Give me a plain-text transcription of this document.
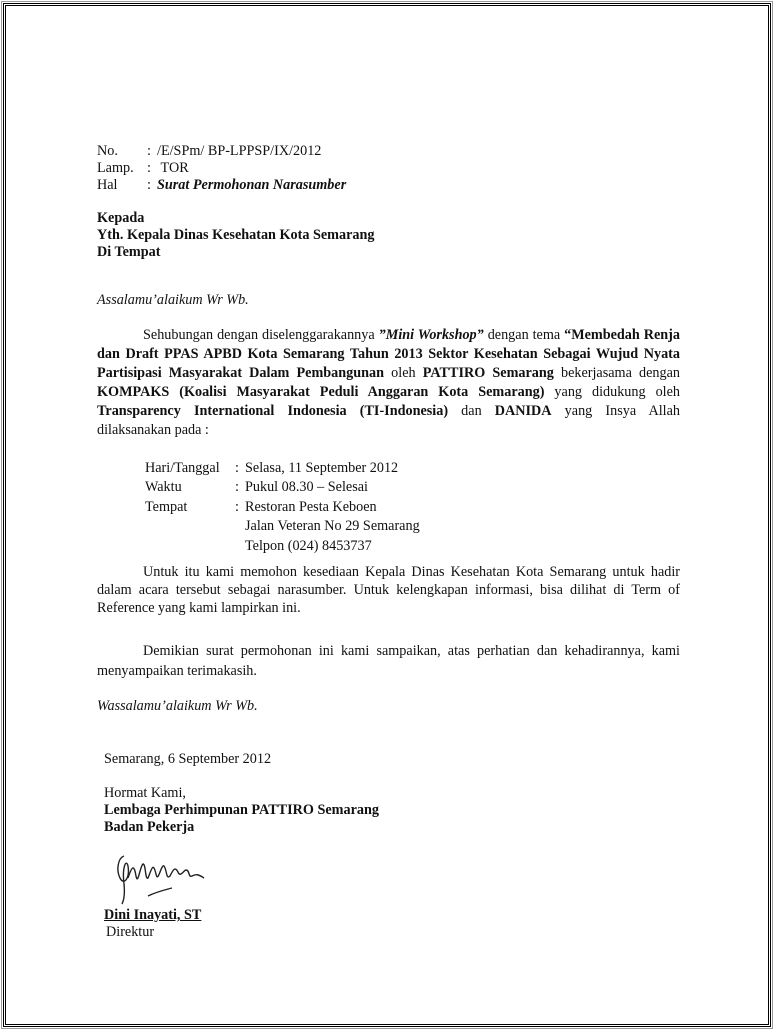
No. : /E/SPm/ BP-LPPSP/IX/2012
Lamp. : TOR
Hal : Surat Permohonan Narasumber
Kepada
Yth. Kepala Dinas Kesehatan Kota Semarang
Di Tempat
Assalamu’alaikum Wr Wb.
Sehubungan dengan diselenggarakannya ”Mini Workshop” dengan tema “Membedah Renja dan Draft PPAS APBD Kota Semarang Tahun 2013 Sektor Kesehatan Sebagai Wujud Nyata Partisipasi Masyarakat Dalam Pembangunan oleh PATTIRO Semarang bekerjasama dengan KOMPAKS (Koalisi Masyarakat Peduli Anggaran Kota Semarang) yang didukung oleh Transparency International Indonesia (TI-Indonesia) dan DANIDA yang Insya Allah dilaksanakan pada :
Hari/Tanggal : Selasa, 11 September 2012
Waktu	: Pukul 08.30 – Selesai
Tempat	: Restoran Pesta Keboen
Jalan Veteran No 29 Semarang
Telpon (024) 8453737
Untuk itu kami memohon kesediaan Kepala Dinas Kesehatan Kota Semarang untuk hadir dalam acara tersebut sebagai narasumber. Untuk kelengkapan informasi, bisa dilihat di Term of Reference yang kami lampirkan ini.
Demikian surat permohonan ini kami sampaikan, atas perhatian dan kehadirannya, kami menyampaikan terimakasih.
Wassalamu’alaikum Wr Wb.
Semarang, 6 September 2012
Hormat Kami,
Lembaga Perhimpunan PATTIRO Semarang
Badan Pekerja
Dini Inayati, ST
Direktur
